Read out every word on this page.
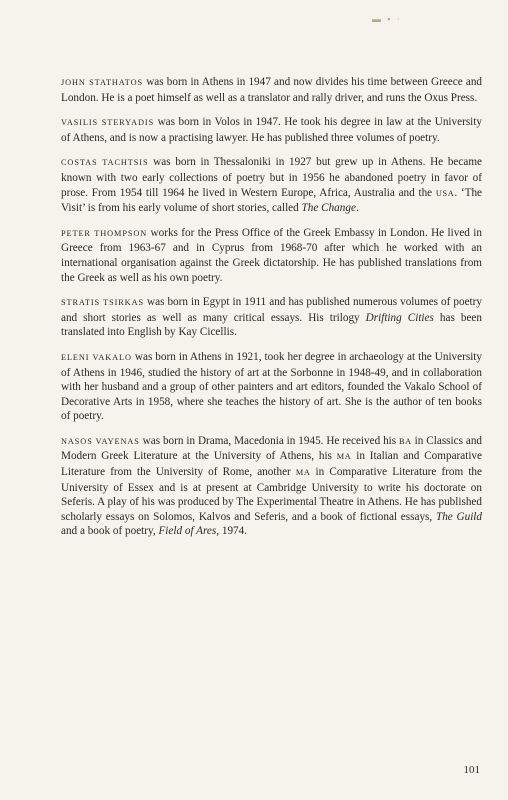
▬ ▪ ·

JOHN STATHATOS was born in Athens in 1947 and now divides his time between Greece and London. He is a poet himself as well as a translator and rally driver, and runs the Oxus Press.

VASILIS STERYADIS was born in Volos in 1947. He took his degree in law at the University of Athens, and is now a practising lawyer. He has published three volumes of poetry.

COSTAS TACHTSIS was born in Thessaloniki in 1927 but grew up in Athens. He became known with two early collections of poetry but in 1956 he abandoned poetry in favor of prose. From 1954 till 1964 he lived in Western Europe, Africa, Australia and the USA. ‘The Visit’ is from his early volume of short stories, called The Change.

PETER THOMPSON works for the Press Office of the Greek Embassy in London. He lived in Greece from 1963-67 and in Cyprus from 1968-70 after which he worked with an international organisation against the Greek dictatorship. He has published translations from the Greek as well as his own poetry.

STRATIS TSIRKAS was born in Egypt in 1911 and has published numerous volumes of poetry and short stories as well as many critical essays. His trilogy Drifting Cities has been translated into English by Kay Cicellis.

ELENI VAKALO was born in Athens in 1921, took her degree in archaeology at the University of Athens in 1946, studied the history of art at the Sorbonne in 1948-49, and in collaboration with her husband and a group of other painters and art editors, founded the Vakalo School of Decorative Arts in 1958, where she teaches the history of art. She is the author of ten books of poetry.

NASOS VAYENAS was born in Drama, Macedonia in 1945. He received his BA in Classics and Modern Greek Literature at the University of Athens, his MA in Italian and Comparative Literature from the University of Rome, another MA in Comparative Literature from the University of Essex and is at present at Cambridge University to write his doctorate on Seferis. A play of his was produced by The Experimental Theatre in Athens. He has published scholarly essays on Solomos, Kalvos and Seferis, and a book of fictional essays, The Guild and a book of poetry, Field of Ares, 1974.

101
